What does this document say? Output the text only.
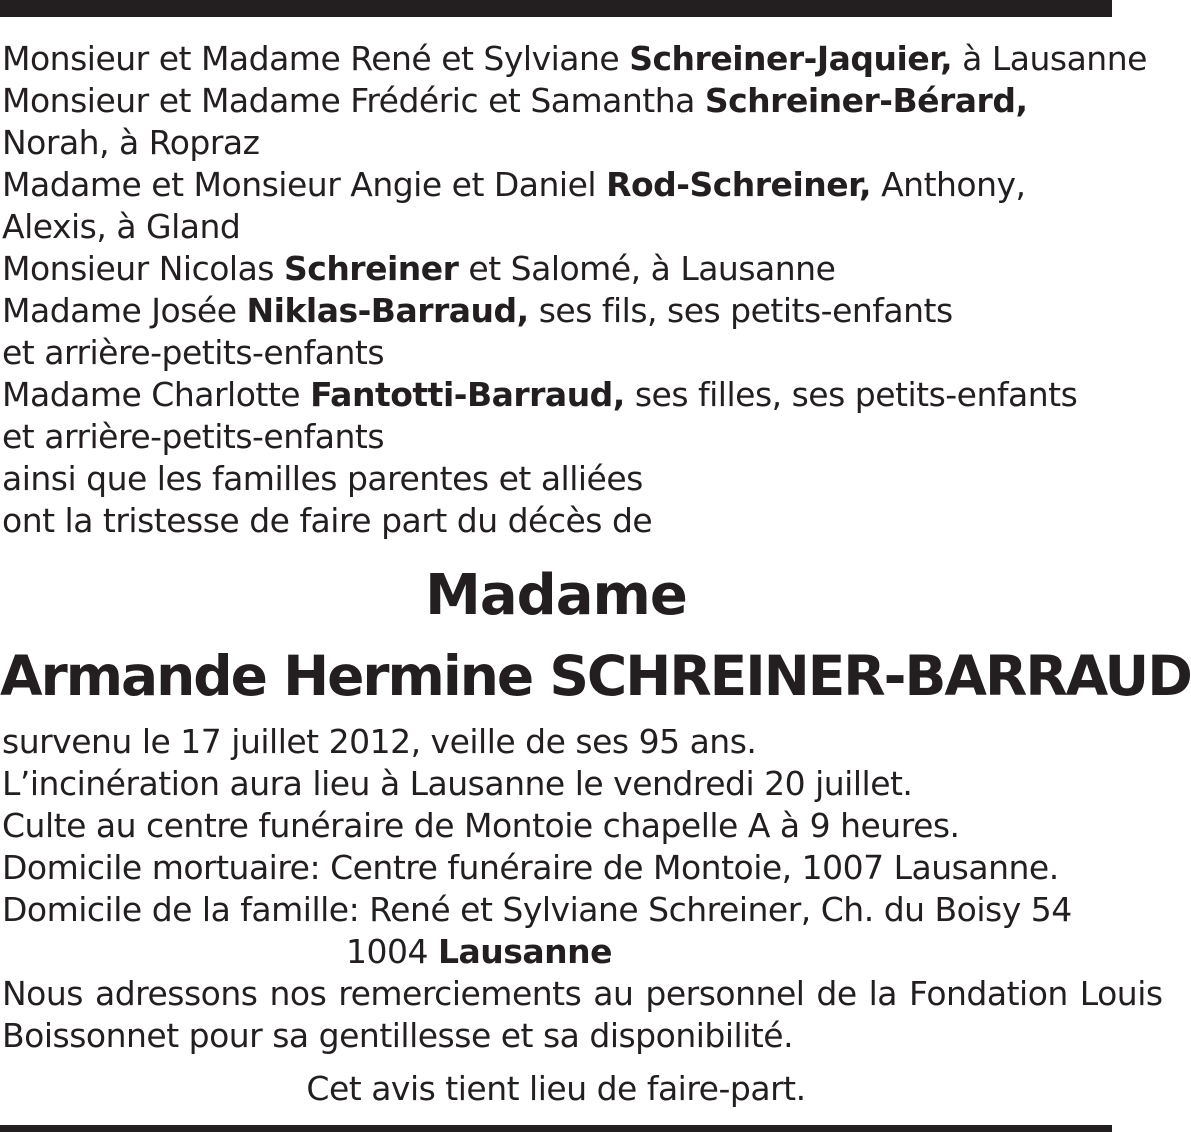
Monsieur et Madame René et Sylviane Schreiner-Jaquier, à Lausanne
Monsieur et Madame Frédéric et Samantha Schreiner-Bérard,
Norah, à Ropraz
Madame et Monsieur Angie et Daniel Rod-Schreiner, Anthony,
Alexis, à Gland
Monsieur Nicolas Schreiner et Salomé, à Lausanne
Madame Josée Niklas-Barraud, ses fils, ses petits-enfants
et arrière-petits-enfants
Madame Charlotte Fantotti-Barraud, ses filles, ses petits-enfants
et arrière-petits-enfants
ainsi que les familles parentes et alliées
ont la tristesse de faire part du décès de
Madame
Armande Hermine SCHREINER-BARRAUD
survenu le 17 juillet 2012, veille de ses 95 ans.
L’incinération aura lieu à Lausanne le vendredi 20 juillet.
Culte au centre funéraire de Montoie chapelle A à 9 heures.
Domicile mortuaire: Centre funéraire de Montoie, 1007 Lausanne.
Domicile de la famille: René et Sylviane Schreiner, Ch. du Boisy 54
1004 Lausanne
Nous adressons nos remerciements au personnel de la Fondation Louis
Boissonnet pour sa gentillesse et sa disponibilité.
Cet avis tient lieu de faire-part.
